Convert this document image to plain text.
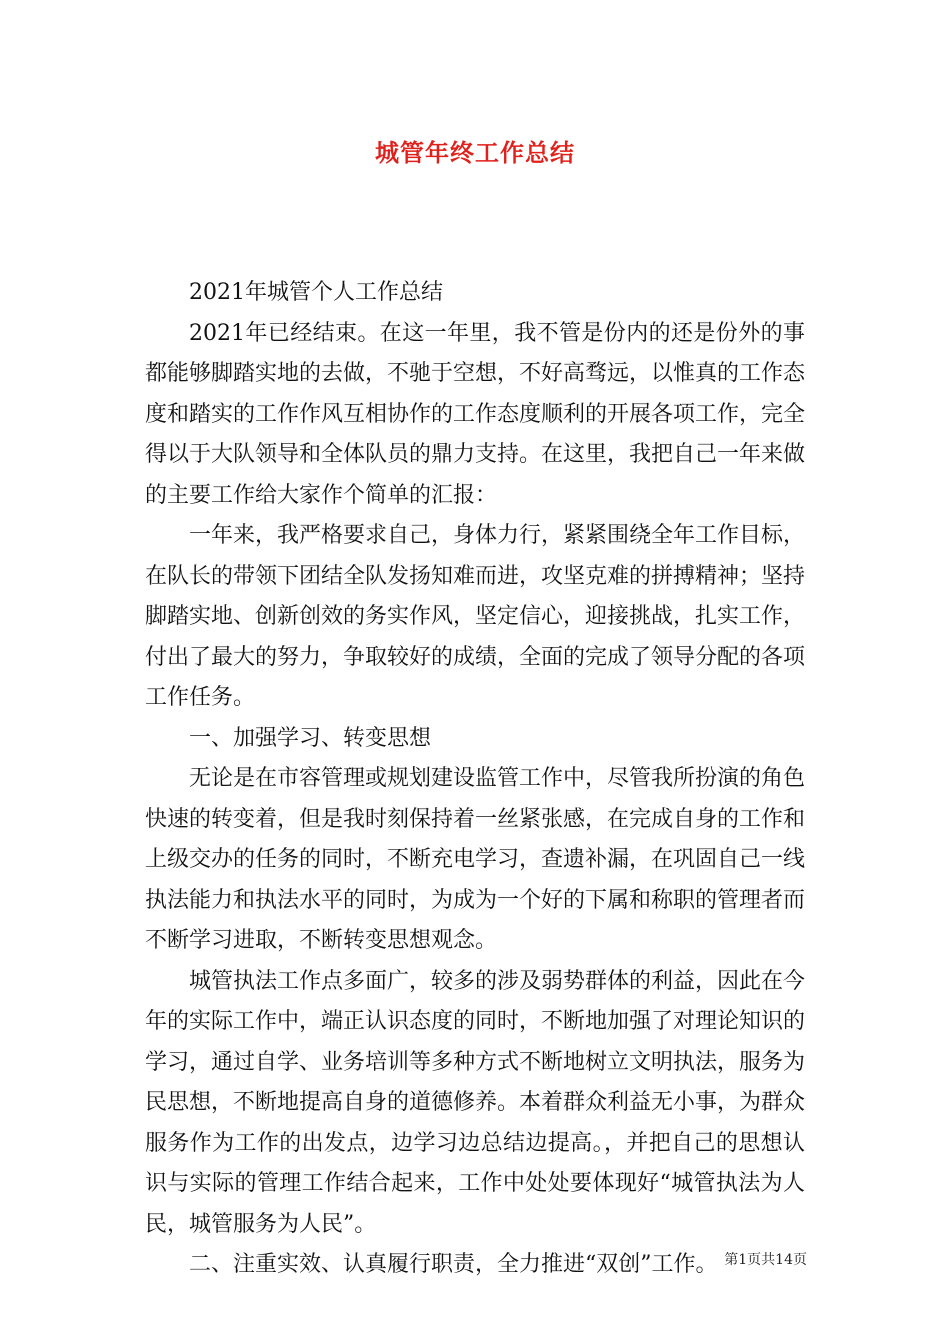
城管年终工作总结

2021年城管个人工作总结

2021年已经结束。在这一年里，我不管是份内的还是份外的事都能够脚踏实地的去做，不驰于空想，不好高骛远，以惟真的工作态度和踏实的工作作风互相协作的工作态度顺利的开展各项工作，完全得以于大队领导和全体队员的鼎力支持。在这里，我把自己一年来做的主要工作给大家作个简单的汇报：

一年来，我严格要求自己，身体力行，紧紧围绕全年工作目标，在队长的带领下团结全队发扬知难而进，攻坚克难的拼搏精神；坚持脚踏实地、创新创效的务实作风，坚定信心，迎接挑战，扎实工作，付出了最大的努力，争取较好的成绩，全面的完成了领导分配的各项工作任务。

一、加强学习、转变思想

无论是在市容管理或规划建设监管工作中，尽管我所扮演的角色快速的转变着，但是我时刻保持着一丝紧张感，在完成自身的工作和上级交办的任务的同时，不断充电学习，查遗补漏，在巩固自己一线执法能力和执法水平的同时，为成为一个好的下属和称职的管理者而不断学习进取，不断转变思想观念。

城管执法工作点多面广，较多的涉及弱势群体的利益，因此在今年的实际工作中，端正认识态度的同时，不断地加强了对理论知识的学习，通过自学、业务培训等多种方式不断地树立文明执法，服务为民思想，不断地提高自身的道德修养。本着群众利益无小事，为群众服务作为工作的出发点，边学习边总结边提高。，并把自己的思想认识与实际的管理工作结合起来，工作中处处要体现好“城管执法为人民，城管服务为人民”。

二、注重实效、认真履行职责，全力推进“双创”工作。 第1页共14页
